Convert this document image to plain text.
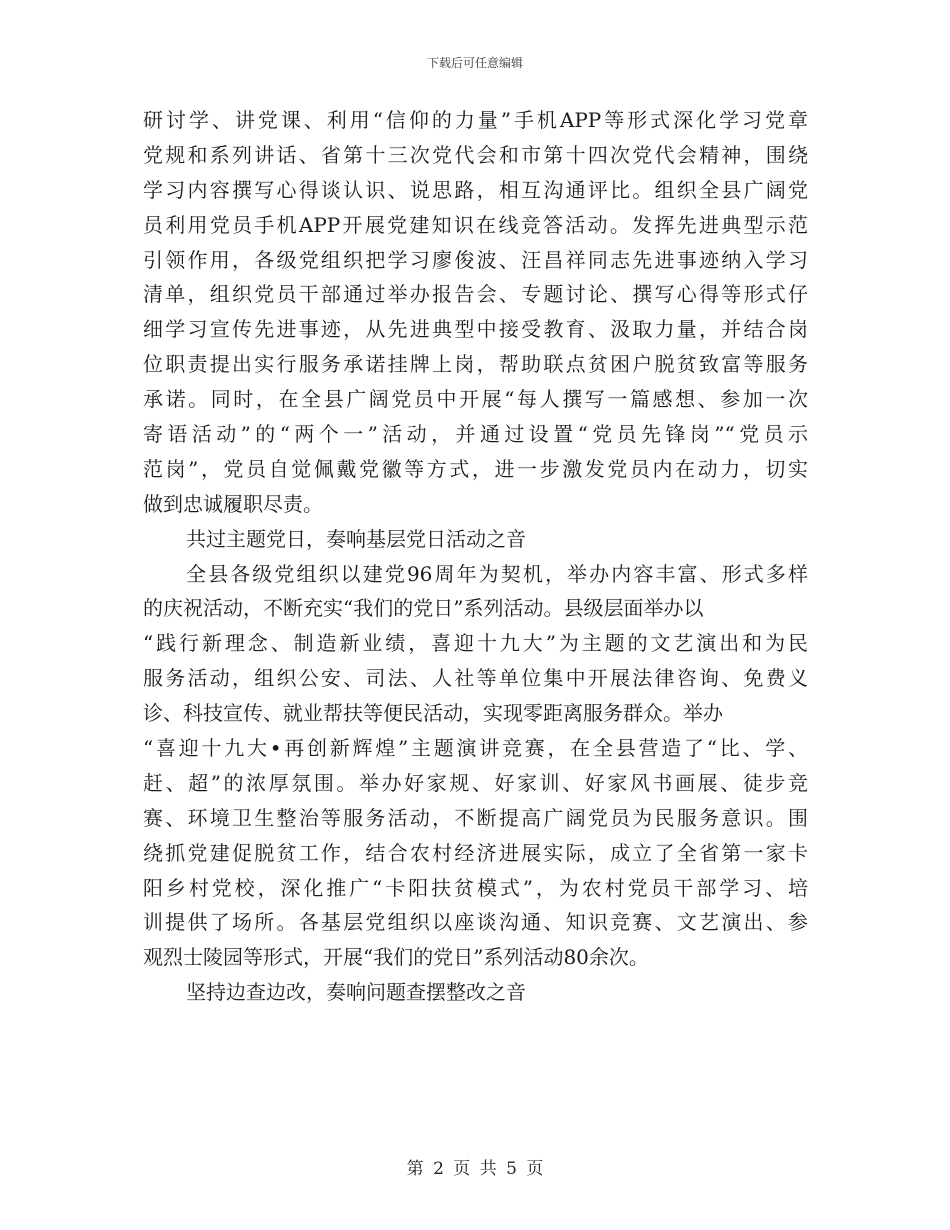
下载后可任意编辑
研讨学、讲党课、利用“信仰的力量”手机APP等形式深化学习党章
党规和系列讲话、省第十三次党代会和市第十四次党代会精神，围绕
学习内容撰写心得谈认识、说思路，相互沟通评比。组织全县广阔党
员利用党员手机APP开展党建知识在线竞答活动。发挥先进典型示范
引领作用，各级党组织把学习廖俊波、汪昌祥同志先进事迹纳入学习
清单，组织党员干部通过举办报告会、专题讨论、撰写心得等形式仔
细学习宣传先进事迹，从先进典型中接受教育、汲取力量，并结合岗
位职责提出实行服务承诺挂牌上岗，帮助联点贫困户脱贫致富等服务
承诺。同时，在全县广阔党员中开展“每人撰写一篇感想、参加一次
寄语活动”的“两个一”活动，并通过设置“党员先锋岗”“党员示
范岗”，党员自觉佩戴党徽等方式，进一步激发党员内在动力，切实
做到忠诚履职尽责。
共过主题党日，奏响基层党日活动之音
全县各级党组织以建党96周年为契机，举办内容丰富、形式多样
的庆祝活动，不断充实“我们的党日”系列活动。县级层面举办以
“践行新理念、制造新业绩，喜迎十九大”为主题的文艺演出和为民
服务活动，组织公安、司法、人社等单位集中开展法律咨询、免费义
诊、科技宣传、就业帮扶等便民活动，实现零距离服务群众。举办
“喜迎十九大•再创新辉煌”主题演讲竞赛，在全县营造了“比、学、
赶、超”的浓厚氛围。举办好家规、好家训、好家风书画展、徒步竞
赛、环境卫生整治等服务活动，不断提高广阔党员为民服务意识。围
绕抓党建促脱贫工作，结合农村经济进展实际，成立了全省第一家卡
阳乡村党校，深化推广“卡阳扶贫模式”，为农村党员干部学习、培
训提供了场所。各基层党组织以座谈沟通、知识竞赛、文艺演出、参
观烈士陵园等形式，开展“我们的党日”系列活动80余次。
坚持边查边改，奏响问题查摆整改之音
第 2 页 共 5 页
